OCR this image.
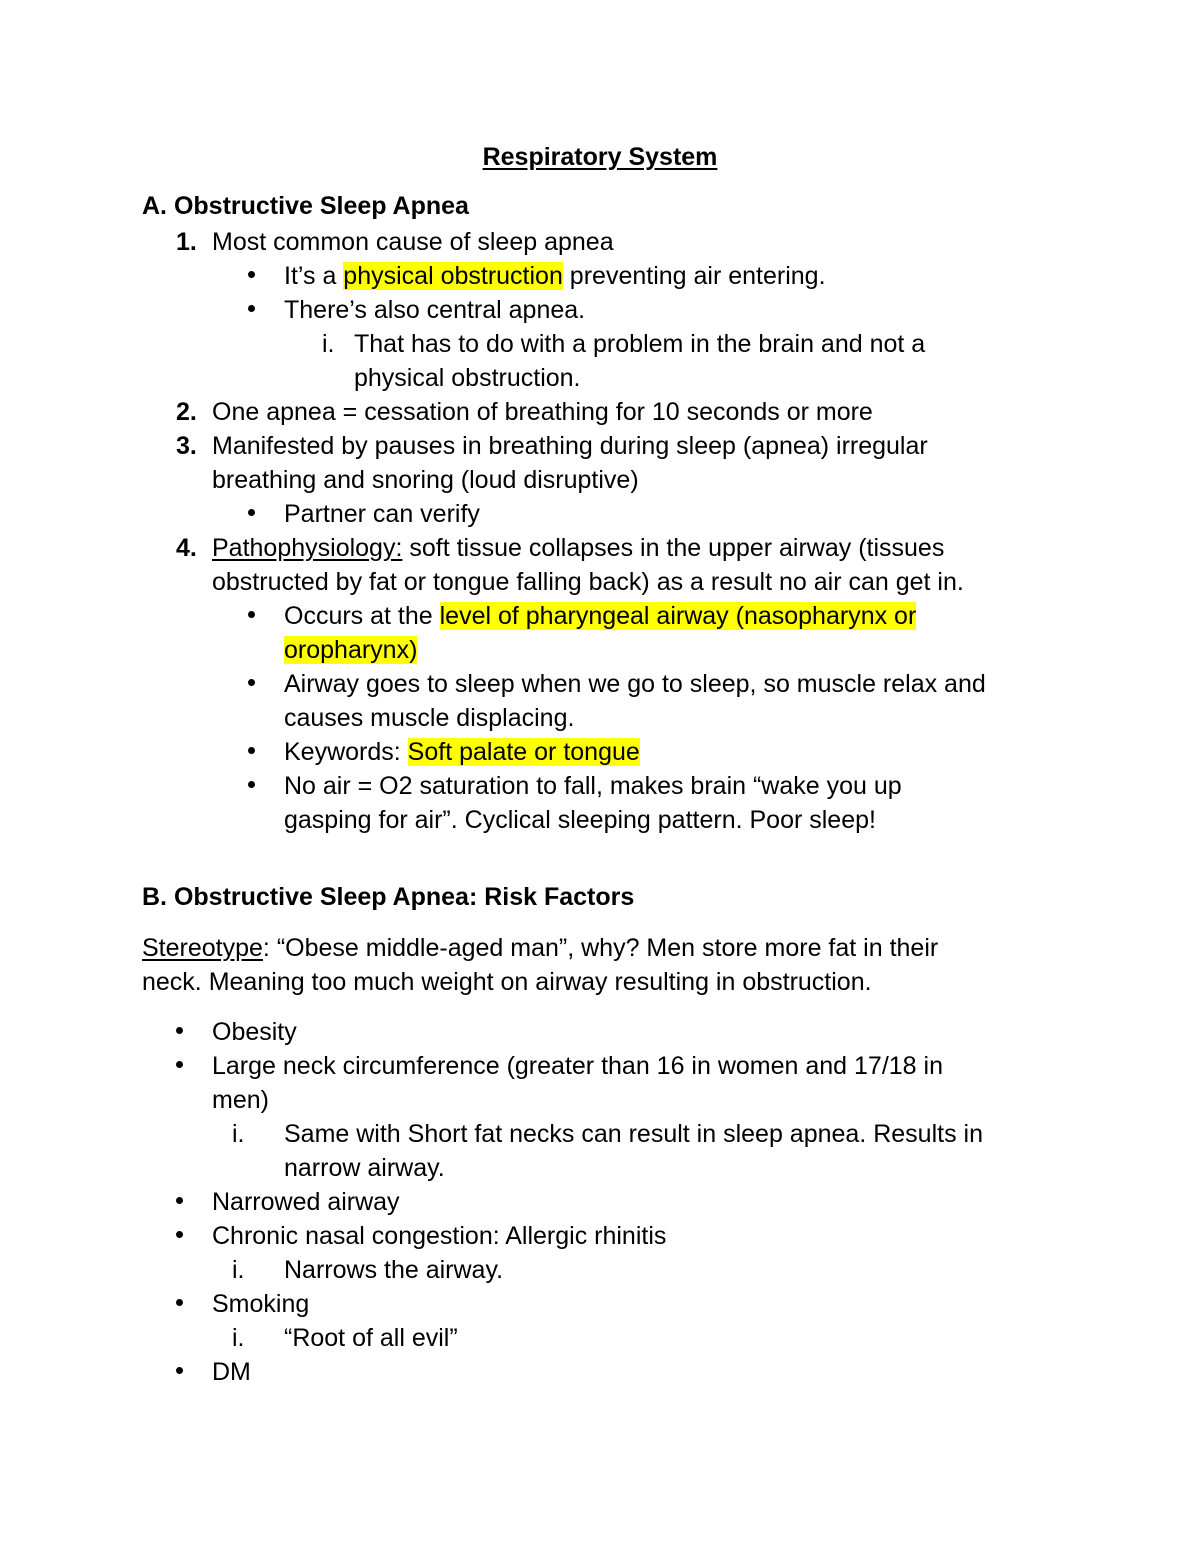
Respiratory System
A. Obstructive Sleep Apnea
1. Most common cause of sleep apnea
It’s a physical obstruction preventing air entering.
There’s also central apnea.
i. That has to do with a problem in the brain and not a
physical obstruction.
2. One apnea = cessation of breathing for 10 seconds or more
3. Manifested by pauses in breathing during sleep (apnea) irregular
breathing and snoring (loud disruptive)
Partner can verify
4. Pathophysiology: soft tissue collapses in the upper airway (tissues
obstructed by fat or tongue falling back) as a result no air can get in.
Occurs at the level of pharyngeal airway (nasopharynx or
oropharynx)
Airway goes to sleep when we go to sleep, so muscle relax and
causes muscle displacing.
Keywords: Soft palate or tongue
No air = O2 saturation to fall, makes brain “wake you up
gasping for air”. Cyclical sleeping pattern. Poor sleep!
B. Obstructive Sleep Apnea: Risk Factors
Stereotype: “Obese middle-aged man”, why? Men store more fat in their
neck. Meaning too much weight on airway resulting in obstruction.
Obesity
Large neck circumference (greater than 16 in women and 17/18 in
men)
i. Same with Short fat necks can result in sleep apnea. Results in
narrow airway.
Narrowed airway
Chronic nasal congestion: Allergic rhinitis
i. Narrows the airway.
Smoking
i. “Root of all evil”
DM
